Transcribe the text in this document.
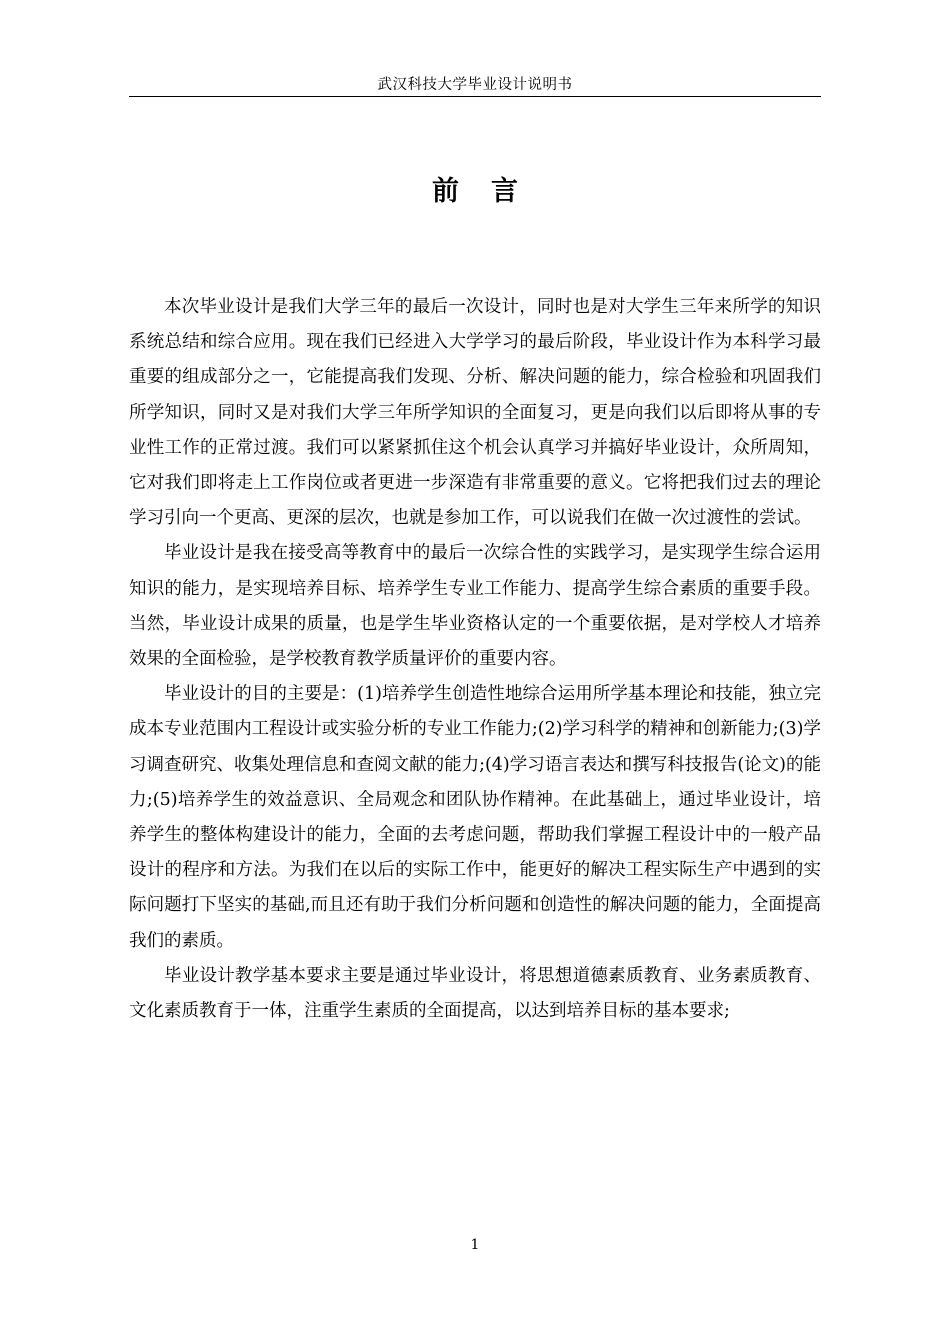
武汉科技大学毕业设计说明书
前言

本次毕业设计是我们大学三年的最后一次设计，同时也是对大学生三年来所学的知识系统总结和综合应用。现在我们已经进入大学学习的最后阶段，毕业设计作为本科学习最重要的组成部分之一，它能提高我们发现、分析、解决问题的能力，综合检验和巩固我们所学知识，同时又是对我们大学三年所学知识的全面复习，更是向我们以后即将从事的专业性工作的正常过渡。我们可以紧紧抓住这个机会认真学习并搞好毕业设计，众所周知，它对我们即将走上工作岗位或者更进一步深造有非常重要的意义。它将把我们过去的理论学习引向一个更高、更深的层次，也就是参加工作，可以说我们在做一次过渡性的尝试。

毕业设计是我在接受高等教育中的最后一次综合性的实践学习，是实现学生综合运用知识的能力，是实现培养目标、培养学生专业工作能力、提高学生综合素质的重要手段。当然，毕业设计成果的质量，也是学生毕业资格认定的一个重要依据，是对学校人才培养效果的全面检验，是学校教育教学质量评价的重要内容。

毕业设计的目的主要是：(1)培养学生创造性地综合运用所学基本理论和技能，独立完成本专业范围内工程设计或实验分析的专业工作能力;(2)学习科学的精神和创新能力;(3)学习调查研究、收集处理信息和查阅文献的能力;(4)学习语言表达和撰写科技报告(论文)的能力;(5)培养学生的效益意识、全局观念和团队协作精神。在此基础上，通过毕业设计，培养学生的整体构建设计的能力，全面的去考虑问题，帮助我们掌握工程设计中的一般产品设计的程序和方法。为我们在以后的实际工作中，能更好的解决工程实际生产中遇到的实际问题打下坚实的基础,而且还有助于我们分析问题和创造性的解决问题的能力，全面提高我们的素质。

毕业设计教学基本要求主要是通过毕业设计，将思想道德素质教育、业务素质教育、文化素质教育于一体，注重学生素质的全面提高，以达到培养目标的基本要求;

1
